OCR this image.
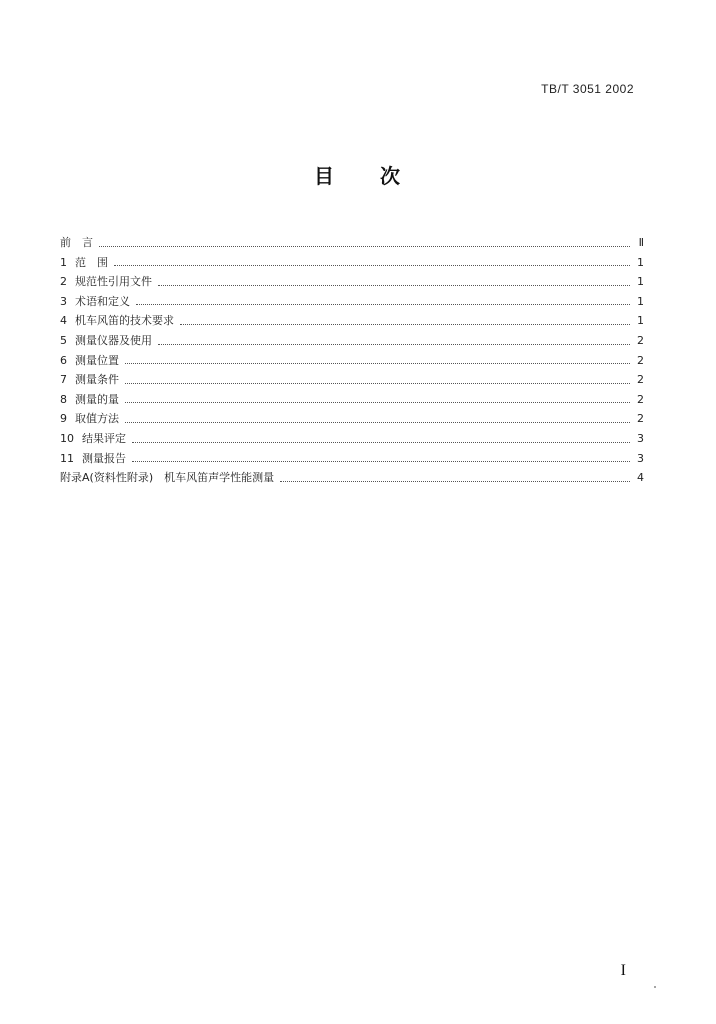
TB/T 3051 2002
目 次
前　言	Ⅱ
1 范　围	1
2 规范性引用文件	1
3 术语和定义	1
4 机车风笛的技术要求	1
5 测量仪器及使用	2
6 测量位置	2
7 测量条件	2
8 测量的量	2
9 取值方法	2
10 结果评定	3
11 测量报告	3
附录A(资料性附录)　机车风笛声学性能测量	4
I
